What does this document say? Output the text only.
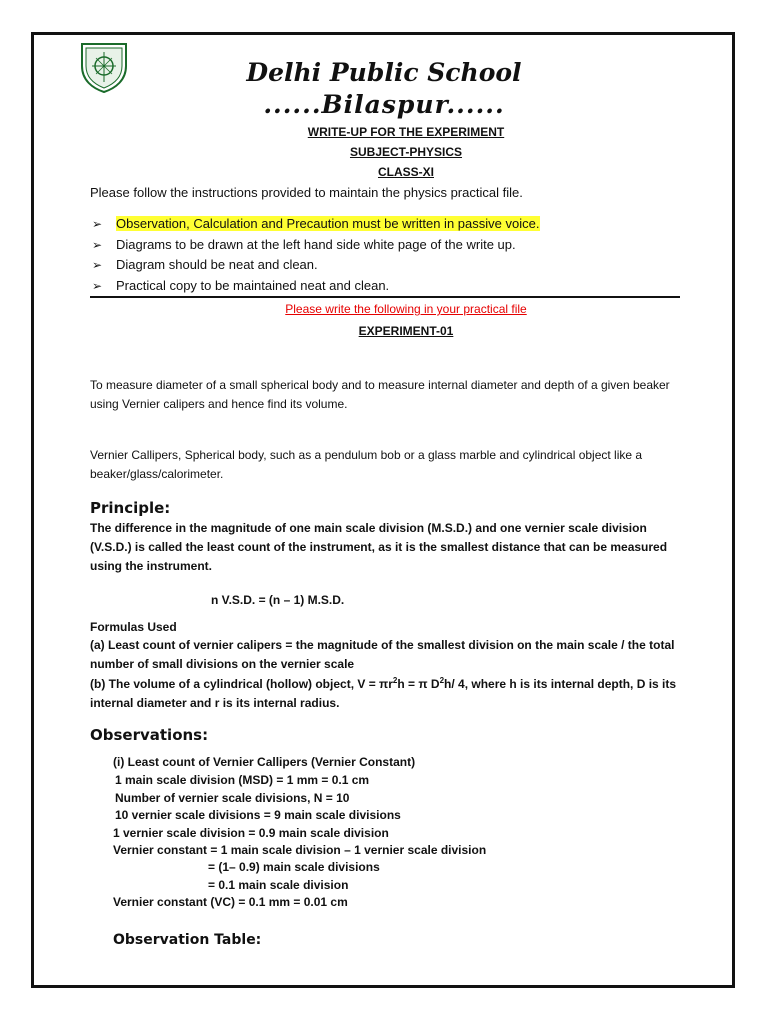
Delhi Public School
......Bilaspur......
WRITE-UP FOR THE EXPERIMENT
SUBJECT-PHYSICS
CLASS-XI
Please follow the instructions provided to maintain the physics practical file.
➢ Observation, Calculation and Precaution must be written in passive voice.
➢ Diagrams to be drawn at the left hand side white page of the write up.
➢ Diagram should be neat and clean.
➢ Practical copy to be maintained neat and clean.
Please write the following in your practical file
EXPERIMENT-01
To measure diameter of a small spherical body and to measure internal diameter and depth of a given beaker using Vernier calipers and hence find its volume.
Vernier Callipers, Spherical body, such as a pendulum bob or a glass marble and cylindrical object like a beaker/glass/calorimeter.
Principle:
The difference in the magnitude of one main scale division (M.S.D.) and one vernier scale division (V.S.D.) is called the least count of the instrument, as it is the smallest distance that can be measured using the instrument.
n V.S.D. = (n – 1) M.S.D.
Formulas Used
(a) Least count of vernier calipers = the magnitude of the smallest division on the main scale / the total number of small divisions on the vernier scale
(b) The volume of a cylindrical (hollow) object, $V = \pi r^2h = \pi$ $D^2h/$ 4, where h is its internal depth, D is its internal diameter and r is its internal radius.
Observations:
(i) Least count of Vernier Callipers (Vernier Constant)
1 main scale division (MSD) = 1 mm = 0.1 cm
Number of vernier scale divisions, N = 10
10 vernier scale divisions = 9 main scale divisions
1 vernier scale division = 0.9 main scale division
Vernier constant = 1 main scale division – 1 vernier scale division
= (1– 0.9) main scale divisions
= 0.1 main scale division
Vernier constant (VC) = 0.1 mm = 0.01 cm
Observation Table:
